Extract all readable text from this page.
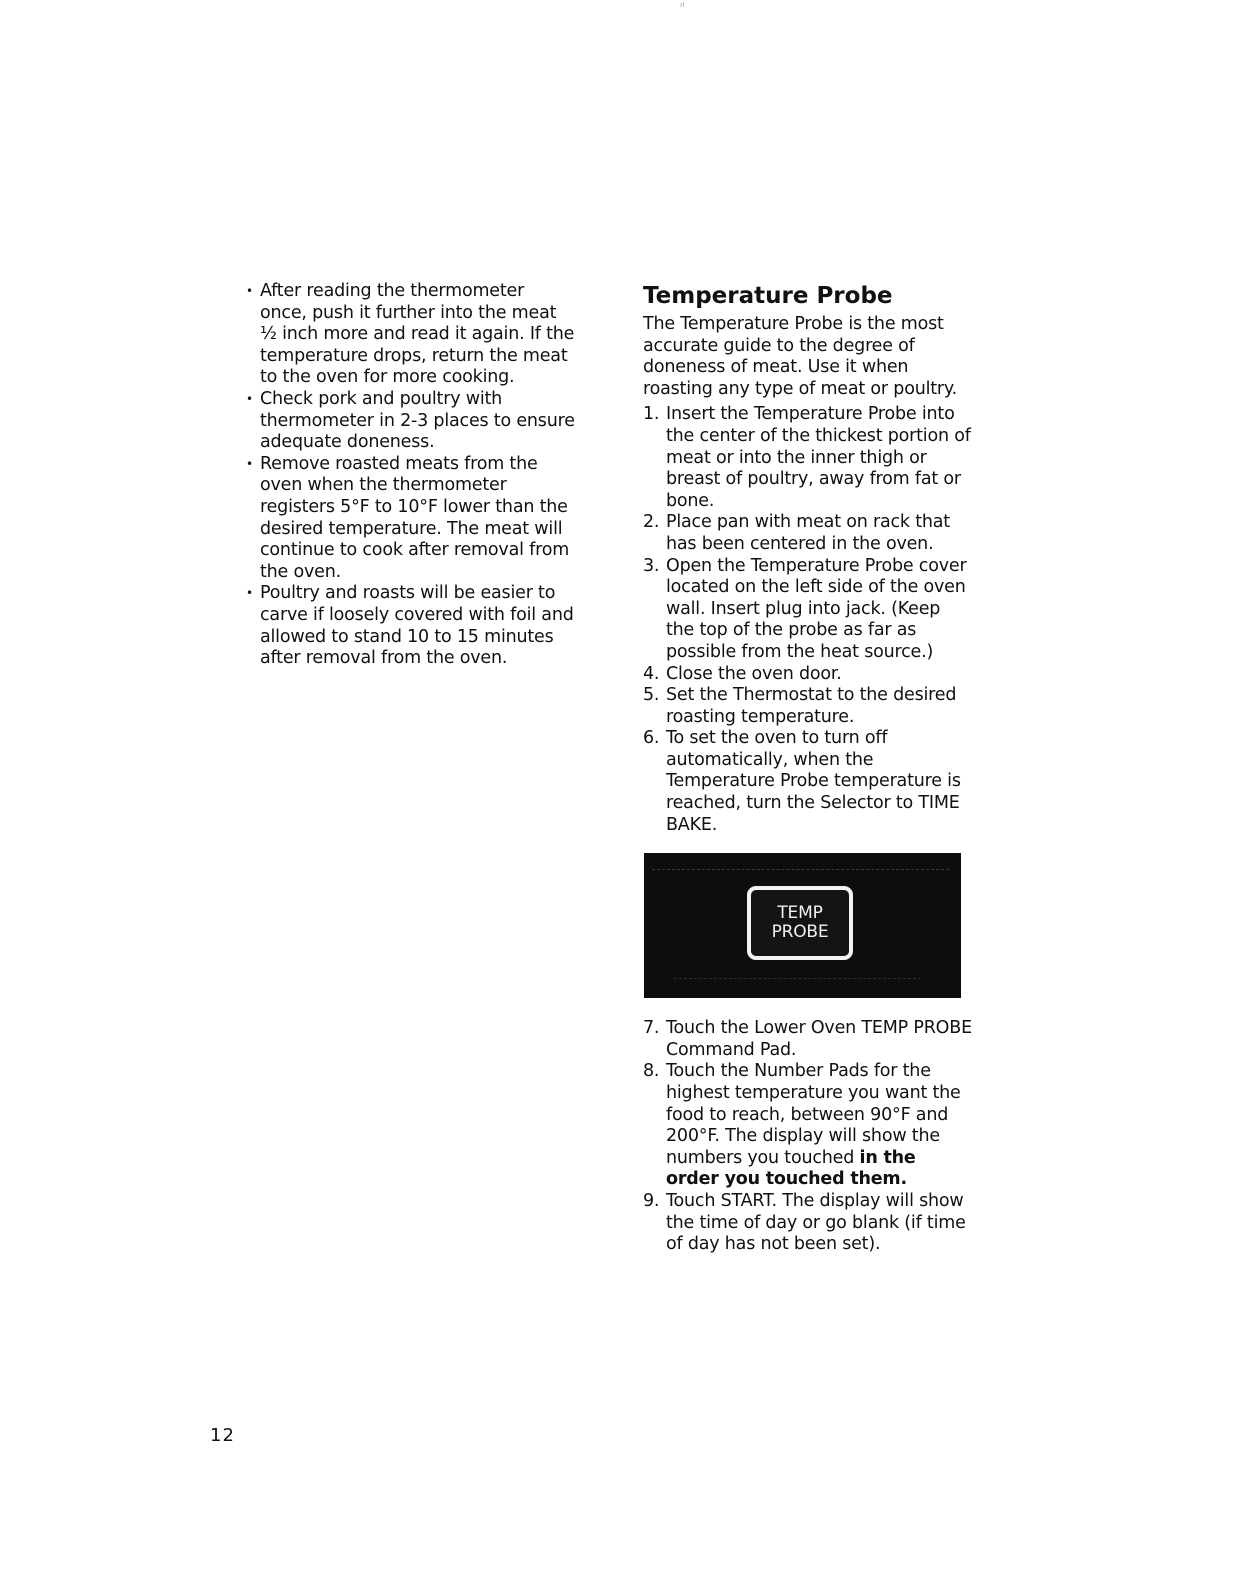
ıı
• After reading the thermometer once, push it further into the meat ½ inch more and read it again. If the temperature drops, return the meat to the oven for more cooking.
• Check pork and poultry with thermometer in 2-3 places to ensure adequate doneness.
• Remove roasted meats from the oven when the thermometer registers 5°F to 10°F lower than the desired temperature. The meat will continue to cook after removal from the oven.
• Poultry and roasts will be easier to carve if loosely covered with foil and allowed to stand 10 to 15 minutes after removal from the oven.
Temperature Probe

The Temperature Probe is the most accurate guide to the degree of doneness of meat. Use it when roasting any type of meat or poultry.

1. Insert the Temperature Probe into the center of the thickest portion of meat or into the inner thigh or breast of poultry, away from fat or bone.
2. Place pan with meat on rack that has been centered in the oven.
3. Open the Temperature Probe cover located on the left side of the oven wall. Insert plug into jack. (Keep the top of the probe as far as possible from the heat source.)
4. Close the oven door.
5. Set the Thermostat to the desired roasting temperature.
6. To set the oven to turn off automatically, when the Temperature Probe temperature is reached, turn the Selector to TIME BAKE.
TEMP
PROBE
7. Touch the Lower Oven TEMP PROBE Command Pad.
8. Touch the Number Pads for the highest temperature you want the food to reach, between 90°F and 200°F. The display will show the numbers you touched in the order you touched them.
9. Touch START. The display will show the time of day or go blank (if time of day has not been set).
12
